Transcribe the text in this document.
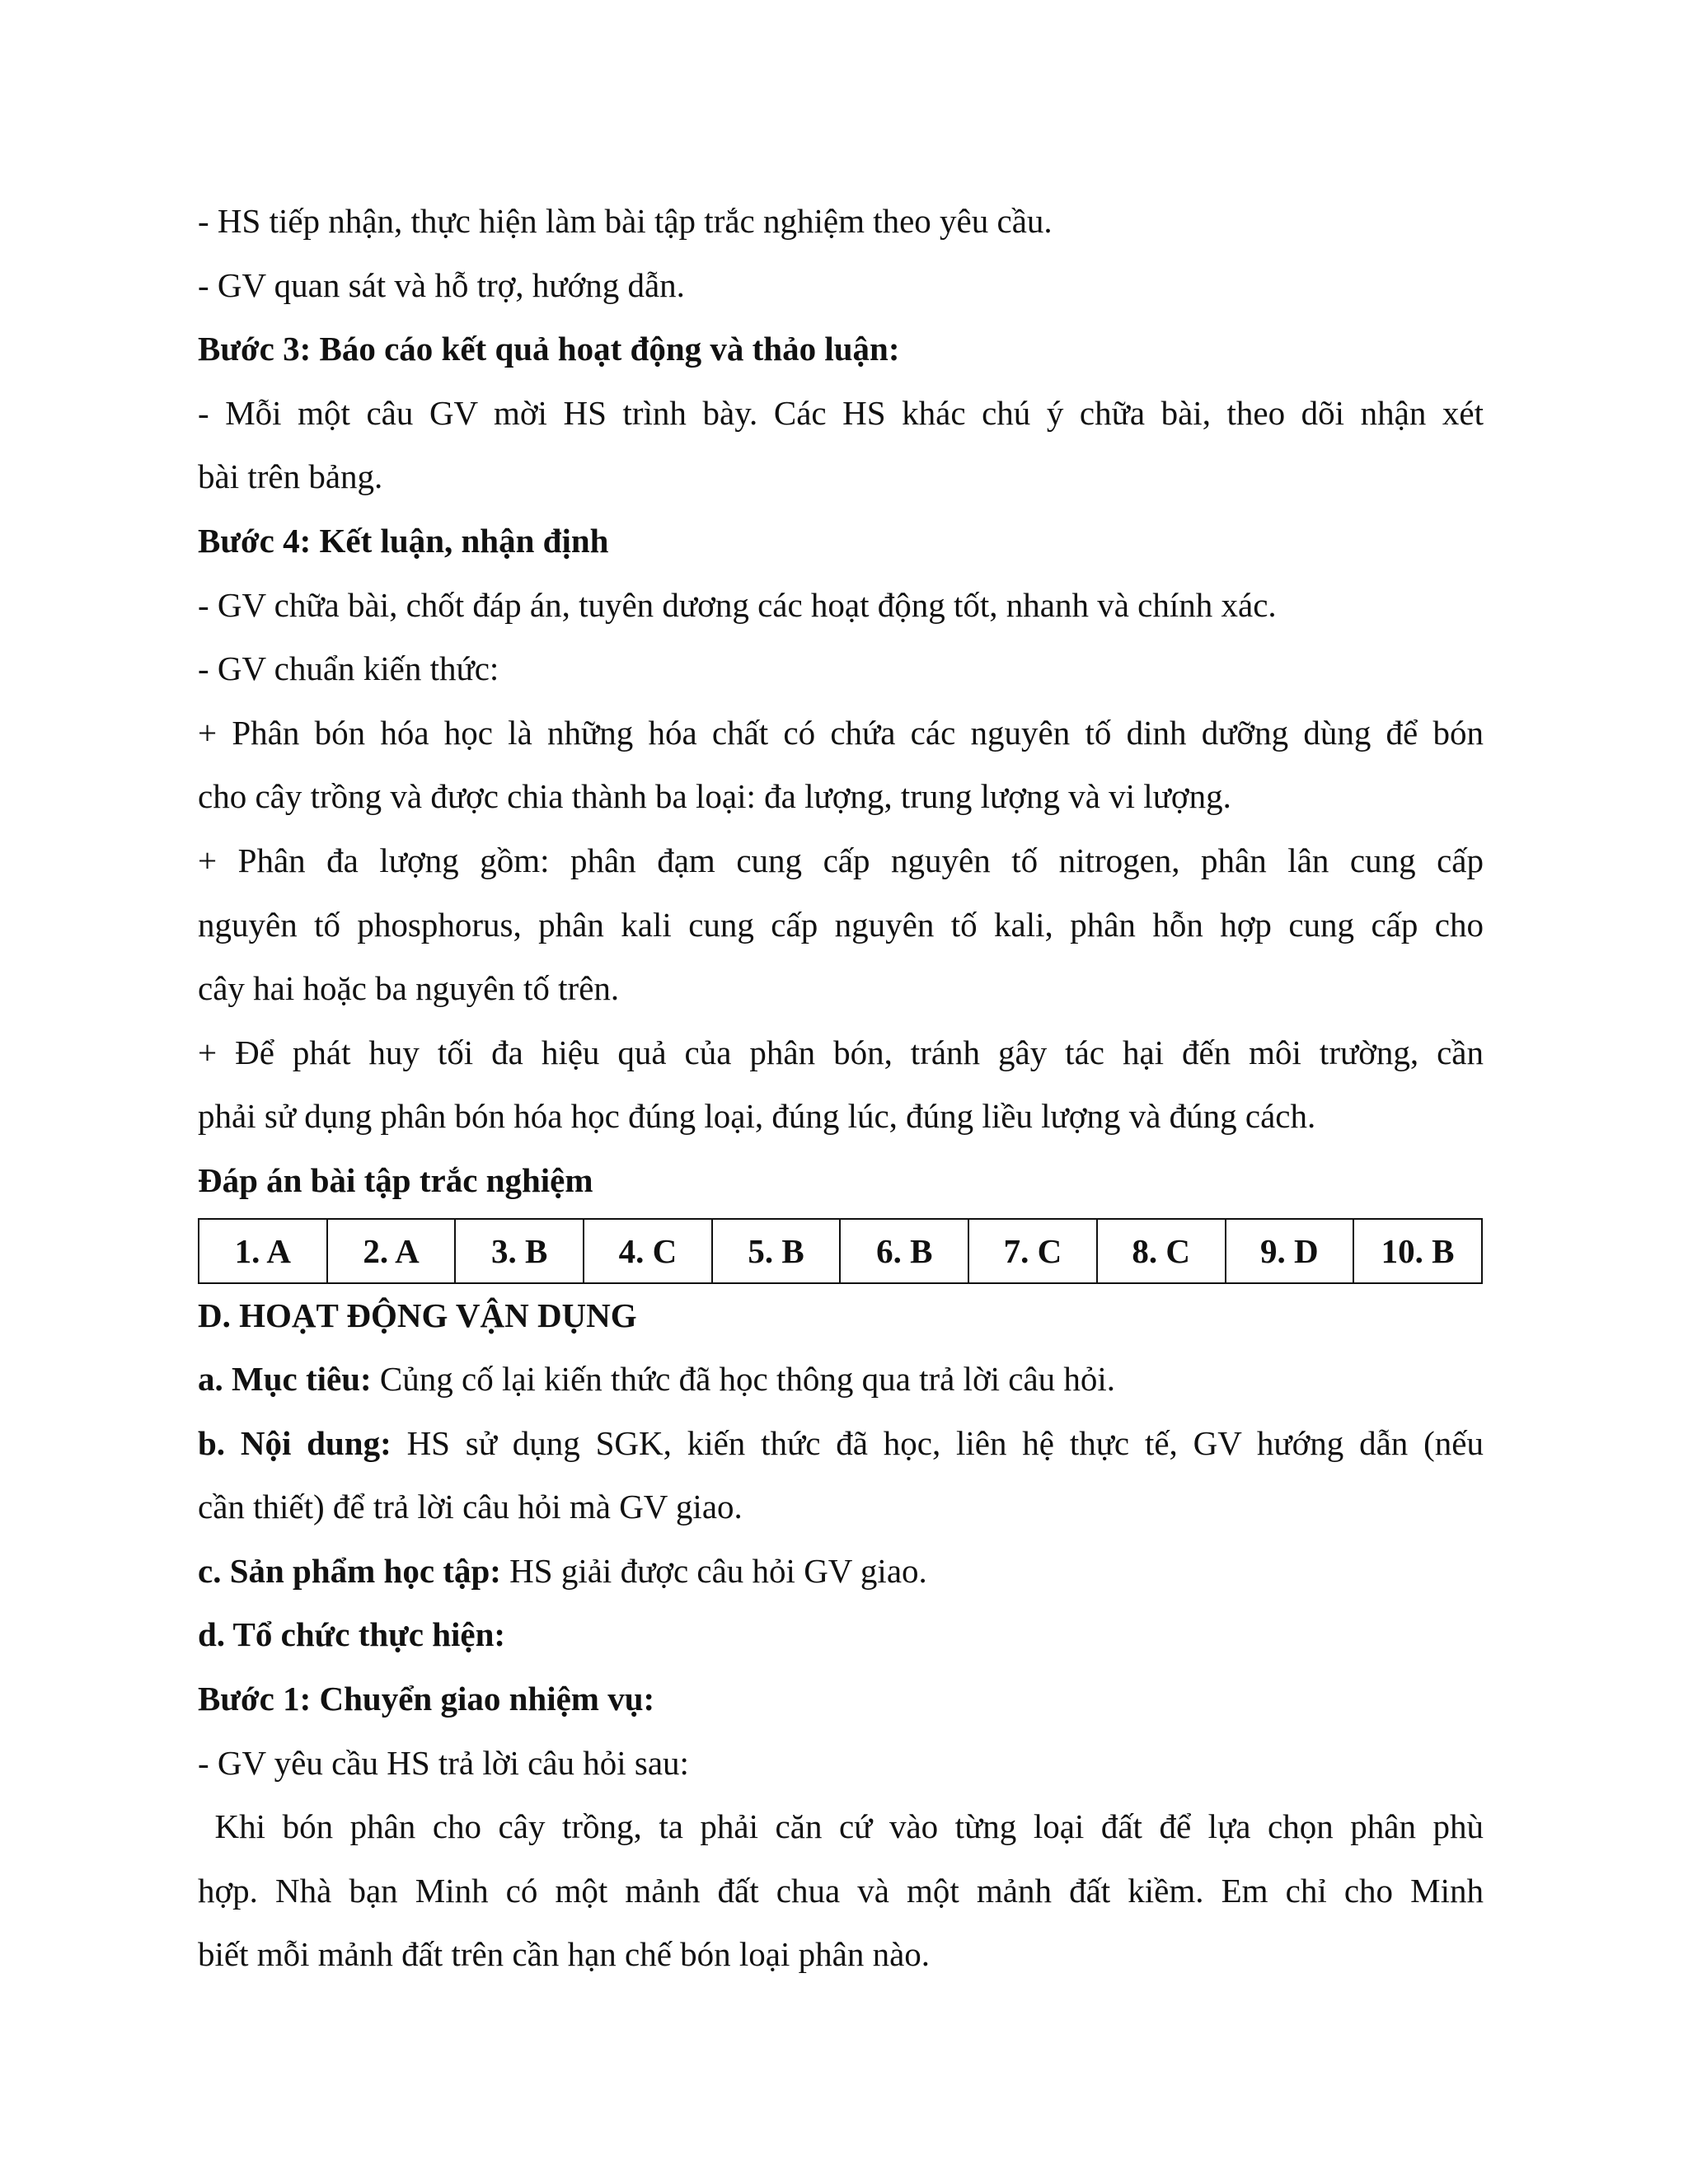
- HS tiếp nhận, thực hiện làm bài tập trắc nghiệm theo yêu cầu.
- GV quan sát và hỗ trợ, hướng dẫn.
Bước 3: Báo cáo kết quả hoạt động và thảo luận:
- Mỗi một câu GV mời HS trình bày. Các HS khác chú ý chữa bài, theo dõi nhận xét
bài trên bảng.
Bước 4: Kết luận, nhận định
- GV chữa bài, chốt đáp án, tuyên dương các hoạt động tốt, nhanh và chính xác.
- GV chuẩn kiến thức:
+ Phân bón hóa học là những hóa chất có chứa các nguyên tố dinh dưỡng dùng để bón
cho cây trồng và được chia thành ba loại: đa lượng, trung lượng và vi lượng.
+ Phân đa lượng gồm: phân đạm cung cấp nguyên tố nitrogen, phân lân cung cấp
nguyên tố phosphorus, phân kali cung cấp nguyên tố kali, phân hỗn hợp cung cấp cho
cây hai hoặc ba nguyên tố trên.
+ Để phát huy tối đa hiệu quả của phân bón, tránh gây tác hại đến môi trường, cần
phải sử dụng phân bón hóa học đúng loại, đúng lúc, đúng liều lượng và đúng cách.
Đáp án bài tập trắc nghiệm
1. A	2. A	3. B	4. C	5. B	6. B	7. C	8. C	9. D	10. B
D. HOẠT ĐỘNG VẬN DỤNG
a. Mục tiêu: Củng cố lại kiến thức đã học thông qua trả lời câu hỏi.
b. Nội dung: HS sử dụng SGK, kiến thức đã học, liên hệ thực tế, GV hướng dẫn (nếu
cần thiết) để trả lời câu hỏi mà GV giao.
c. Sản phẩm học tập: HS giải được câu hỏi GV giao.
d. Tổ chức thực hiện:
Bước 1: Chuyển giao nhiệm vụ:
- GV yêu cầu HS trả lời câu hỏi sau:
Khi bón phân cho cây trồng, ta phải căn cứ vào từng loại đất để lựa chọn phân phù
hợp. Nhà bạn Minh có một mảnh đất chua và một mảnh đất kiềm. Em chỉ cho Minh
biết mỗi mảnh đất trên cần hạn chế bón loại phân nào.
